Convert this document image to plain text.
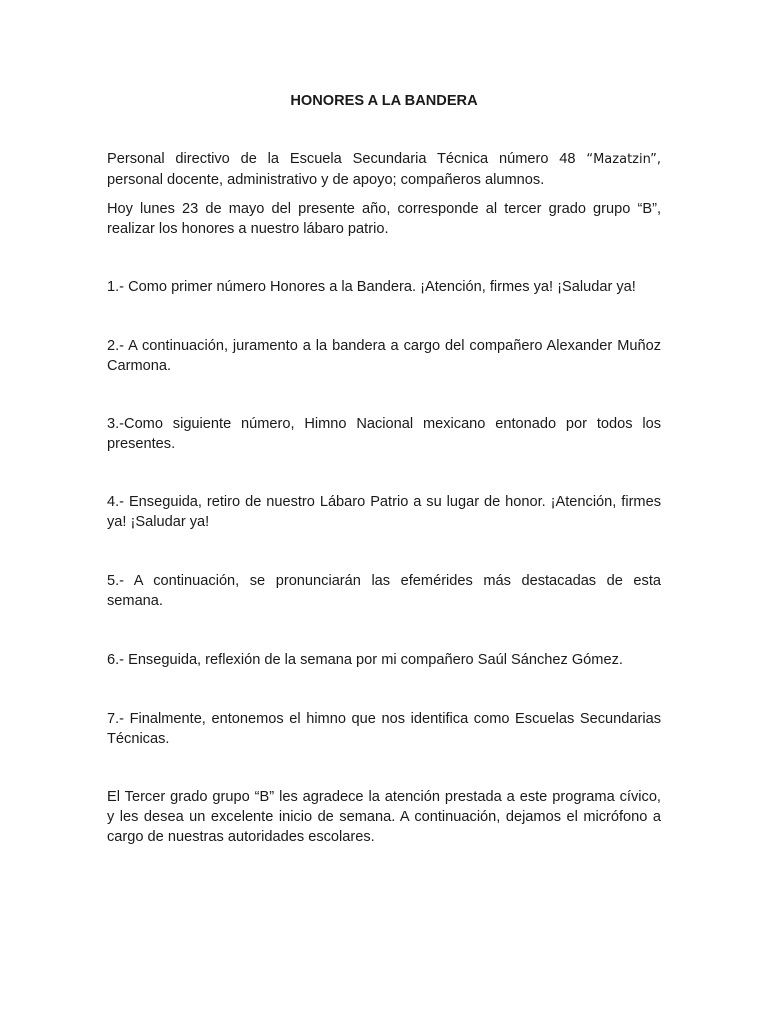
HONORES A LA BANDERA
Personal directivo de la Escuela Secundaria Técnica número 48 “Mazatzin”,
personal docente, administrativo y de apoyo; compañeros alumnos.
Hoy lunes 23 de mayo del presente año, corresponde al tercer grado grupo “B”,
realizar los honores a nuestro lábaro patrio.
1.- Como primer número Honores a la Bandera. ¡Atención, firmes ya! ¡Saludar ya!
2.- A continuación, juramento a la bandera a cargo del compañero Alexander Muñoz
Carmona.
3.-Como siguiente número, Himno Nacional mexicano entonado por todos los
presentes.
4.- Enseguida, retiro de nuestro Lábaro Patrio a su lugar de honor. ¡Atención, firmes
ya! ¡Saludar ya!
5.- A continuación, se pronunciarán las efemérides más destacadas de esta
semana.
6.- Enseguida, reflexión de la semana por mi compañero Saúl Sánchez Gómez.
7.- Finalmente, entonemos el himno que nos identifica como Escuelas Secundarias
Técnicas.
El Tercer grado grupo “B” les agradece la atención prestada a este programa cívico,
y les desea un excelente inicio de semana. A continuación, dejamos el micrófono a
cargo de nuestras autoridades escolares.
